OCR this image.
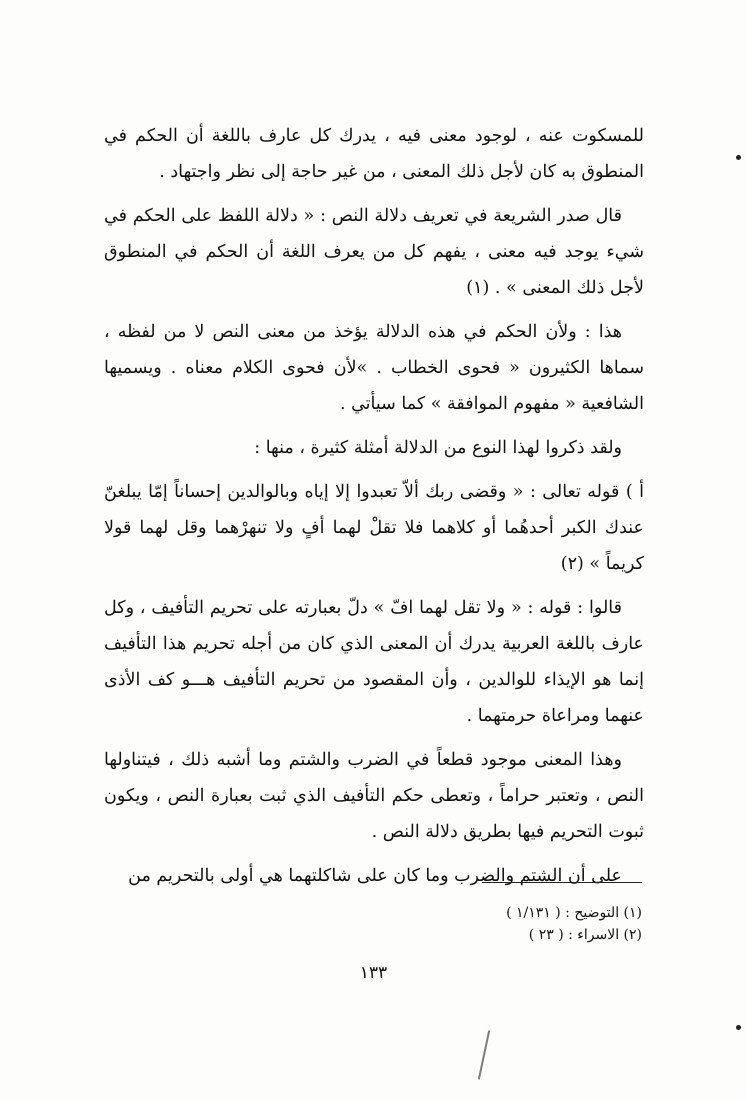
للمسكوت عنه ، لوجود معنى فيه ، يدرك كل عارف باللغة أن الحكم في المنطوق به كان لأجل ذلك المعنى ، من غير حاجة إلى نظر واجتهاد .

قال صدر الشريعة في تعريف دلالة النص : « دلالة اللفظ على الحكم في شيء يوجد فيه معنى ، يفهم كل من يعرف اللغة أن الحكم في المنطوق لأجل ذلك المعنى » . (١)

هذا : ولأن الحكم في هذه الدلالة يؤخذ من معنى النص لا من لفظه ، سماها الكثيرون « فحوى الخطاب . »لأن فحوى الكلام معناه . ويسميها الشافعية « مفهوم الموافقة » كما سيأتي .

ولقد ذكروا لهذا النوع من الدلالة أمثلة كثيرة ، منها :

أ ) قوله تعالى : « وقضى ربك ألاّ تعبدوا إلا إياه وبالوالدين إحساناً إمّا يبلغنّ عندك الكبر أحدهُما أو كلاهما فلا تقلْ لهما أفٍ ولا تنهرْهما وقل لهما قولا كريماً » (٢)

قالوا : قوله : « ولا تقل لهما افّ » دلّ بعبارته على تحريم التأفيف ، وكل عارف باللغة العربية يدرك أن المعنى الذي كان من أجله تحريم هذا التأفيف إنما هو الإيذاء للوالدين ، وأن المقصود من تحريم التأفيف هـــو كف الأذى عنهما ومراعاة حرمتهما .

وهذا المعنى موجود قطعاً في الضرب والشتم وما أشبه ذلك ، فيتناولها النص ، وتعتبر حراماً ، وتعطى حكم التأفيف الذي ثبت بعبارة النص ، ويكون ثبوت التحريم فيها بطريق دلالة النص .

على أن الشتم والضرب وما كان على شاكلتهما هي أولى بالتحريم من

(١) التوضيح : ( ١/١٣١ )

(٢) الاسراء : ( ٢٣ )

١٣٣
